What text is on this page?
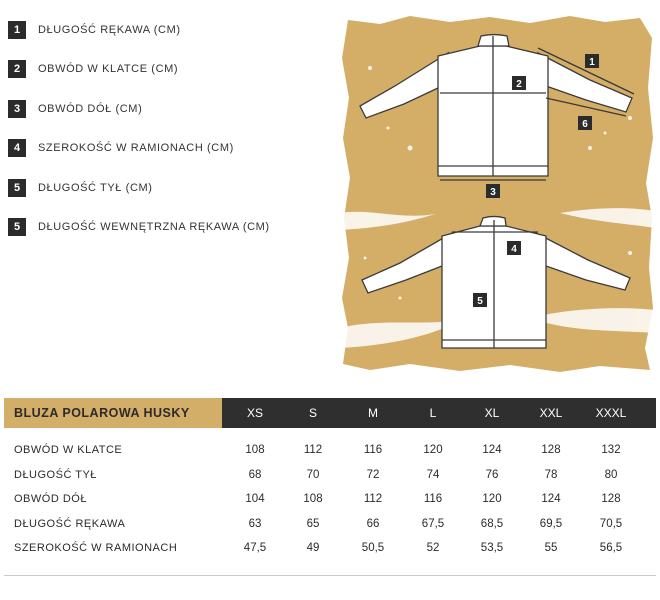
1	DŁUGOŚĆ RĘKAWA (CM)
2	OBWÓD W KLATCE (CM)
3	OBWÓD DÓŁ (CM)
4	SZEROKOŚĆ W RAMIONACH (CM)
5	DŁUGOŚĆ TYŁ (CM)
5	DŁUGOŚĆ WEWNĘTRZNA RĘKAWA (CM)
1
2
6
3
4
5
BLUZA POLAROWA HUSKY	XS	S	M	L	XL	XXL	XXXL
OBWÓD W KLATCE	108	112	116	120	124	128	132
DŁUGOŚĆ TYŁ	68	70	72	74	76	78	80
OBWÓD DÓŁ	104	108	112	116	120	124	128
DŁUGOŚĆ RĘKAWA	63	65	66	67,5	68,5	69,5	70,5
SZEROKOŚĆ W RAMIONACH	47,5	49	50,5	52	53,5	55	56,5
